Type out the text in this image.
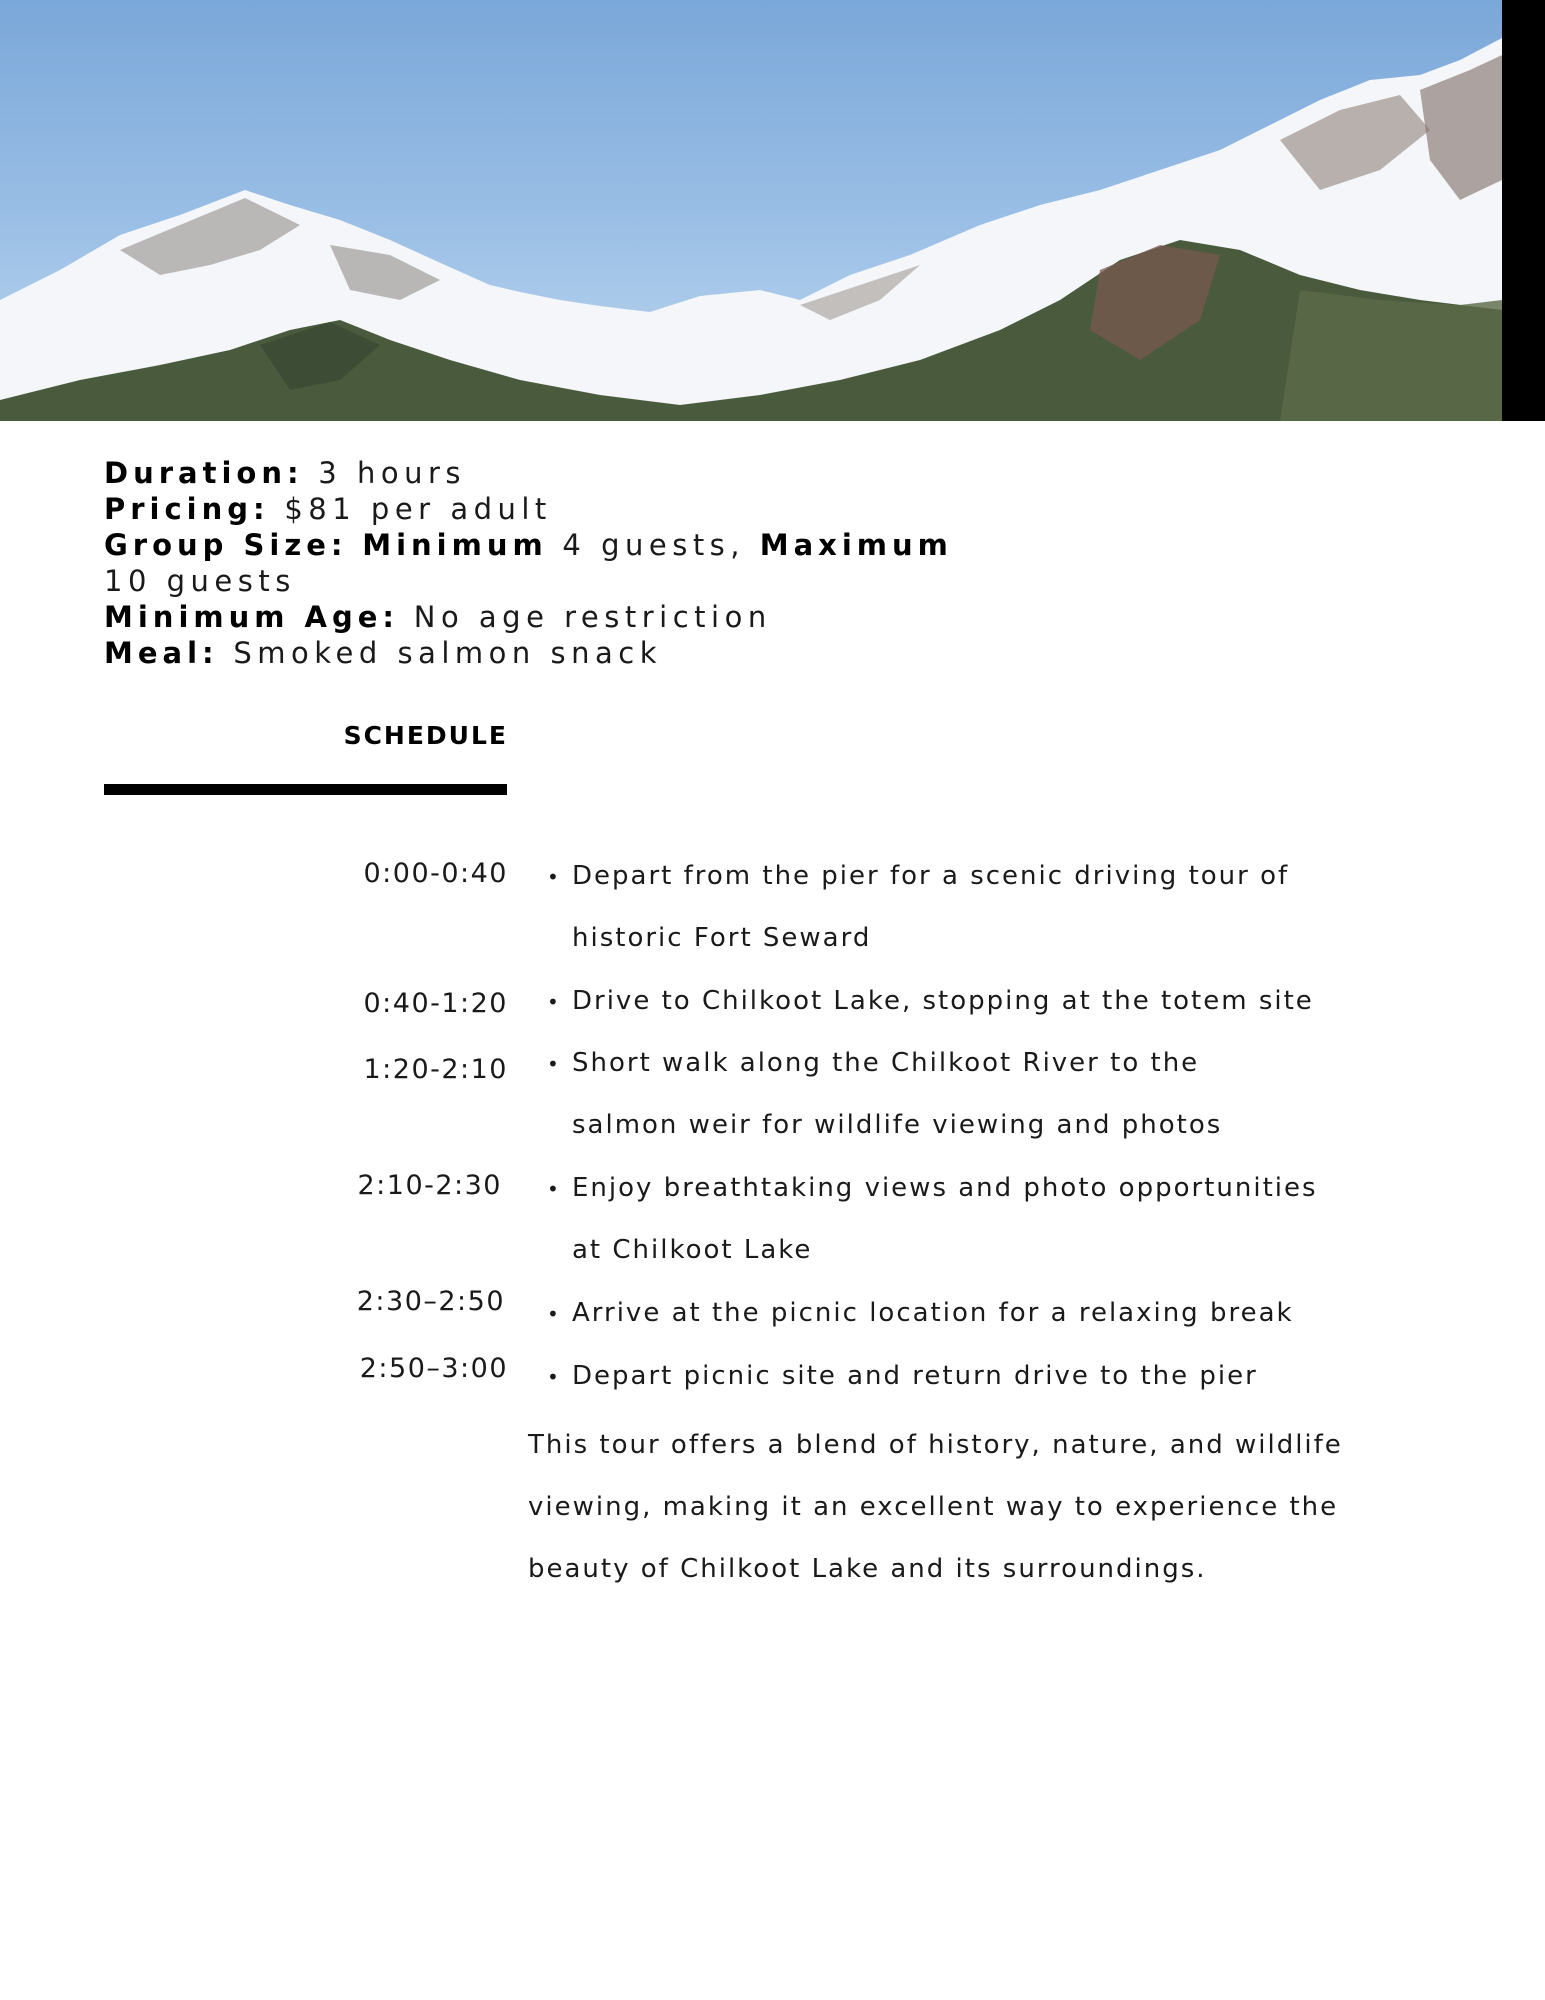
Duration: 3 hours

Pricing: $81 per adult

Group Size: Minimum 4 guests, Maximum
10 guests

Minimum Age: No age restriction

Meal: Smoked salmon snack

SCHEDULE
0:00-0:40 • Depart from the pier for a scenic driving tour of historic Fort Seward
0:40-1:20 • Drive to Chilkoot Lake, stopping at the totem site
1:20-2:10 • Short walk along the Chilkoot River to the salmon weir for wildlife viewing and photos
2:10-2:30 • Enjoy breathtaking views and photo opportunities at Chilkoot Lake
2:30–2:50 • Arrive at the picnic location for a relaxing break
2:50–3:00 • Depart picnic site and return drive to the pier
This tour offers a blend of history, nature, and wildlife viewing, making it an excellent way to experience the beauty of Chilkoot Lake and its surroundings.
